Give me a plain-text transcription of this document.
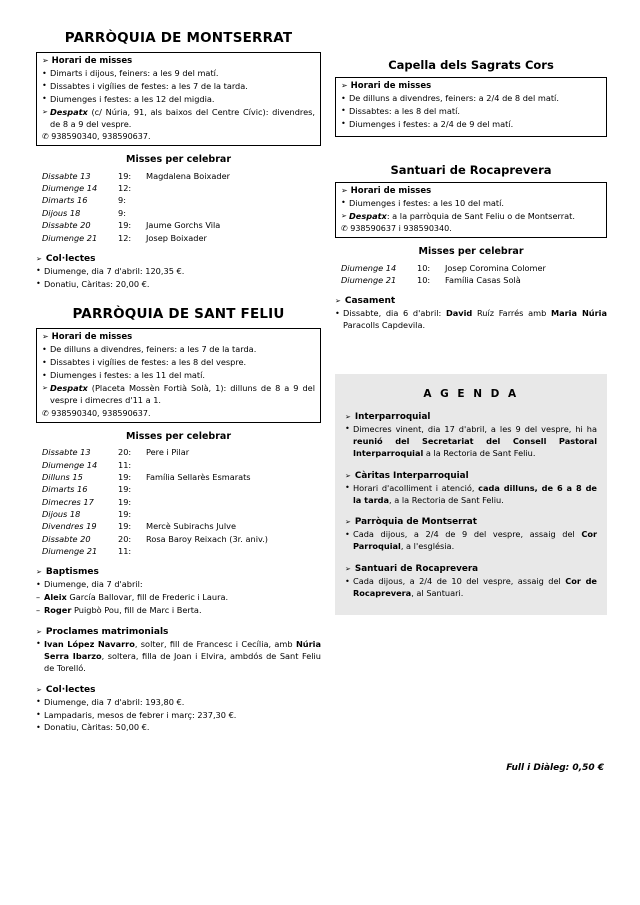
PARRÒQUIA DE MONTSERRAT
➢ Horari de misses
• Dimarts i dijous, feiners: a les 9 del matí.
• Dissabtes i vigílies de festes: a les 7 de la tarda.
• Diumenges i festes: a les 12 del migdia.
➢ Despatx (c/ Núria, 91, als baixos del Centre Cívic): divendres, de 8 a 9 del vespre.
✆ 938590340, 938590637.
Misses per celebrar
Dissabte 13	19:	Magdalena Boixader
Diumenge 14	12:	
Dimarts 16	9:	
Dijous 18	9:	
Dissabte 20	19:	Jaume Gorchs Vila
Diumenge 21	12:	Josep Boixader
➢ Col·lectes
• Diumenge, dia 7 d'abril: 120,35 €.
• Donatiu, Càritas: 20,00 €.
PARRÒQUIA DE SANT FELIU
➢ Horari de misses
• De dilluns a divendres, feiners: a les 7 de la tarda.
• Dissabtes i vigílies de festes: a les 8 del vespre.
• Diumenges i festes: a les 11 del matí.
➢ Despatx (Placeta Mossèn Fortià Solà, 1): dilluns de 8 a 9 del vespre i dimecres d'11 a 1.
✆ 938590340, 938590637.
Misses per celebrar
Dissabte 13	20:	Pere i Pilar
Diumenge 14	11:	
Dilluns 15	19:	Família Sellarès Esmarats
Dimarts 16	19:	
Dimecres 17	19:	
Dijous 18	19:	
Divendres 19	19:	Mercè Subirachs Julve
Dissabte 20	20:	Rosa Baroy Reixach (3r. aniv.)
Diumenge 21	11:	
➢ Baptismes
• Diumenge, dia 7 d'abril:
– Aleix García Ballovar, fill de Frederic i Laura.
– Roger Puigbò Pou, fill de Marc i Berta.
➢ Proclames matrimonials
• Ivan López Navarro, solter, fill de Francesc i Cecília, amb Núria Serra Ibarzo, soltera, filla de Joan i Elvira, ambdós de Sant Feliu de Torelló.
➢ Col·lectes
• Diumenge, dia 7 d'abril: 193,80 €.
• Lampadaris, mesos de febrer i març: 237,30 €.
• Donatiu, Càritas: 50,00 €.
Capella dels Sagrats Cors
➢ Horari de misses
• De dilluns a divendres, feiners: a 2/4 de 8 del matí.
• Dissabtes: a les 8 del matí.
• Diumenges i festes: a 2/4 de 9 del matí.
Santuari de Rocaprevera
➢ Horari de misses
• Diumenges i festes: a les 10 del matí.
➢ Despatx: a la parròquia de Sant Feliu o de Montserrat.
✆ 938590637 i 938590340.
Misses per celebrar
Diumenge 14	10:	Josep Coromina Colomer
Diumenge 21	10:	Família Casas Solà
➢ Casament
• Dissabte, dia 6 d'abril: David Ruíz Farrés amb Maria Núria Paracolls Capdevila.
A G E N D A
➢ Interparroquial
• Dimecres vinent, dia 17 d'abril, a les 9 del vespre, hi ha reunió del Secretariat del Consell Pastoral Interparroquial a la Rectoria de Sant Feliu.
➢ Càritas Interparroquial
• Horari d'acolliment i atenció, cada dilluns, de 6 a 8 de la tarda, a la Rectoria de Sant Feliu.
➢ Parròquia de Montserrat
• Cada dijous, a 2/4 de 9 del vespre, assaig del Cor Parroquial, a l'església.
➢ Santuari de Rocaprevera
• Cada dijous, a 2/4 de 10 del vespre, assaig del Cor de Rocaprevera, al Santuari.
Full i Diàleg: 0,50 €
